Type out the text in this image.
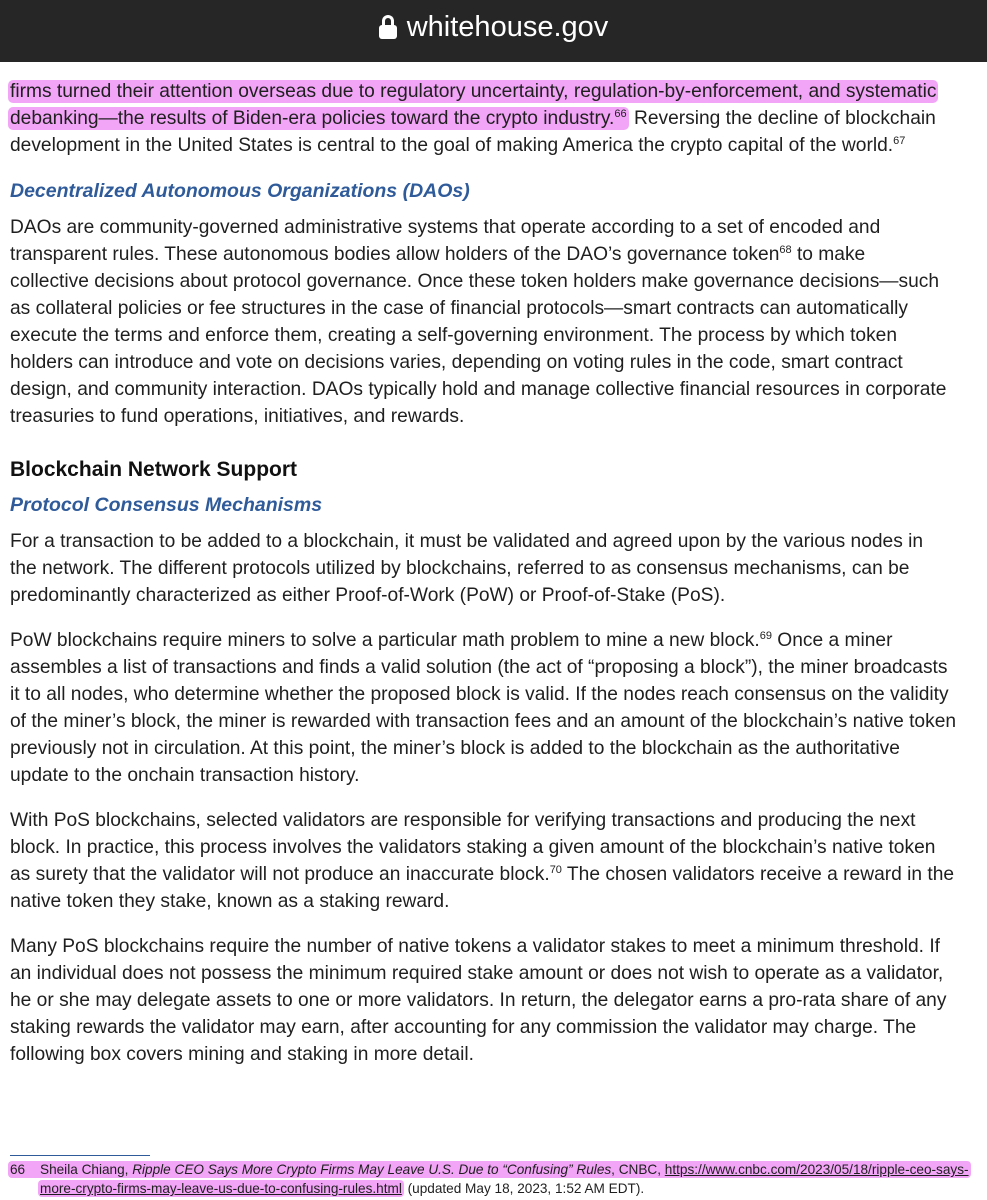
whitehouse.gov

firms turned their attention overseas due to regulatory uncertainty, regulation-by-enforcement, and systematic
debanking—the results of Biden-era policies toward the crypto industry.$^{66}$ Reversing the decline of blockchain
development in the United States is central to the goal of making America the crypto capital of the world.$^{67}$

Decentralized Autonomous Organizations (DAOs)

DAOs are community-governed administrative systems that operate according to a set of encoded and
transparent rules. These autonomous bodies allow holders of the DAO’s governance token$^{68}$ to make
collective decisions about protocol governance. Once these token holders make governance decisions—such
as collateral policies or fee structures in the case of financial protocols—smart contracts can automatically
execute the terms and enforce them, creating a self-governing environment. The process by which token
holders can introduce and vote on decisions varies, depending on voting rules in the code, smart contract
design, and community interaction. DAOs typically hold and manage collective financial resources in corporate
treasuries to fund operations, initiatives, and rewards.

Blockchain Network Support
Protocol Consensus Mechanisms

For a transaction to be added to a blockchain, it must be validated and agreed upon by the various nodes in
the network. The different protocols utilized by blockchains, referred to as consensus mechanisms, can be
predominantly characterized as either Proof-of-Work (PoW) or Proof-of-Stake (PoS).

PoW blockchains require miners to solve a particular math problem to mine a new block.$^{69}$ Once a miner
assembles a list of transactions and finds a valid solution (the act of “proposing a block”), the miner broadcasts
it to all nodes, who determine whether the proposed block is valid. If the nodes reach consensus on the validity
of the miner’s block, the miner is rewarded with transaction fees and an amount of the blockchain’s native token
previously not in circulation. At this point, the miner’s block is added to the blockchain as the authoritative
update to the onchain transaction history.

With PoS blockchains, selected validators are responsible for verifying transactions and producing the next
block. In practice, this process involves the validators staking a given amount of the blockchain’s native token
as surety that the validator will not produce an inaccurate block.$^{70}$ The chosen validators receive a reward in the
native token they stake, known as a staking reward.

Many PoS blockchains require the number of native tokens a validator stakes to meet a minimum threshold. If
an individual does not possess the minimum required stake amount or does not wish to operate as a validator,
he or she may delegate assets to one or more validators. In return, the delegator earns a pro-rata share of any
staking rewards the validator may earn, after accounting for any commission the validator may charge. The
following box covers mining and staking in more detail.

66 Sheila Chiang, Ripple CEO Says More Crypto Firms May Leave U.S. Due to “Confusing” Rules, CNBC, https://www.cnbc.com/2023/05/18/ripple-ceo-says-
more-crypto-firms-may-leave-us-due-to-confusing-rules.html (updated May 18, 2023, 1:52 AM EDT).
